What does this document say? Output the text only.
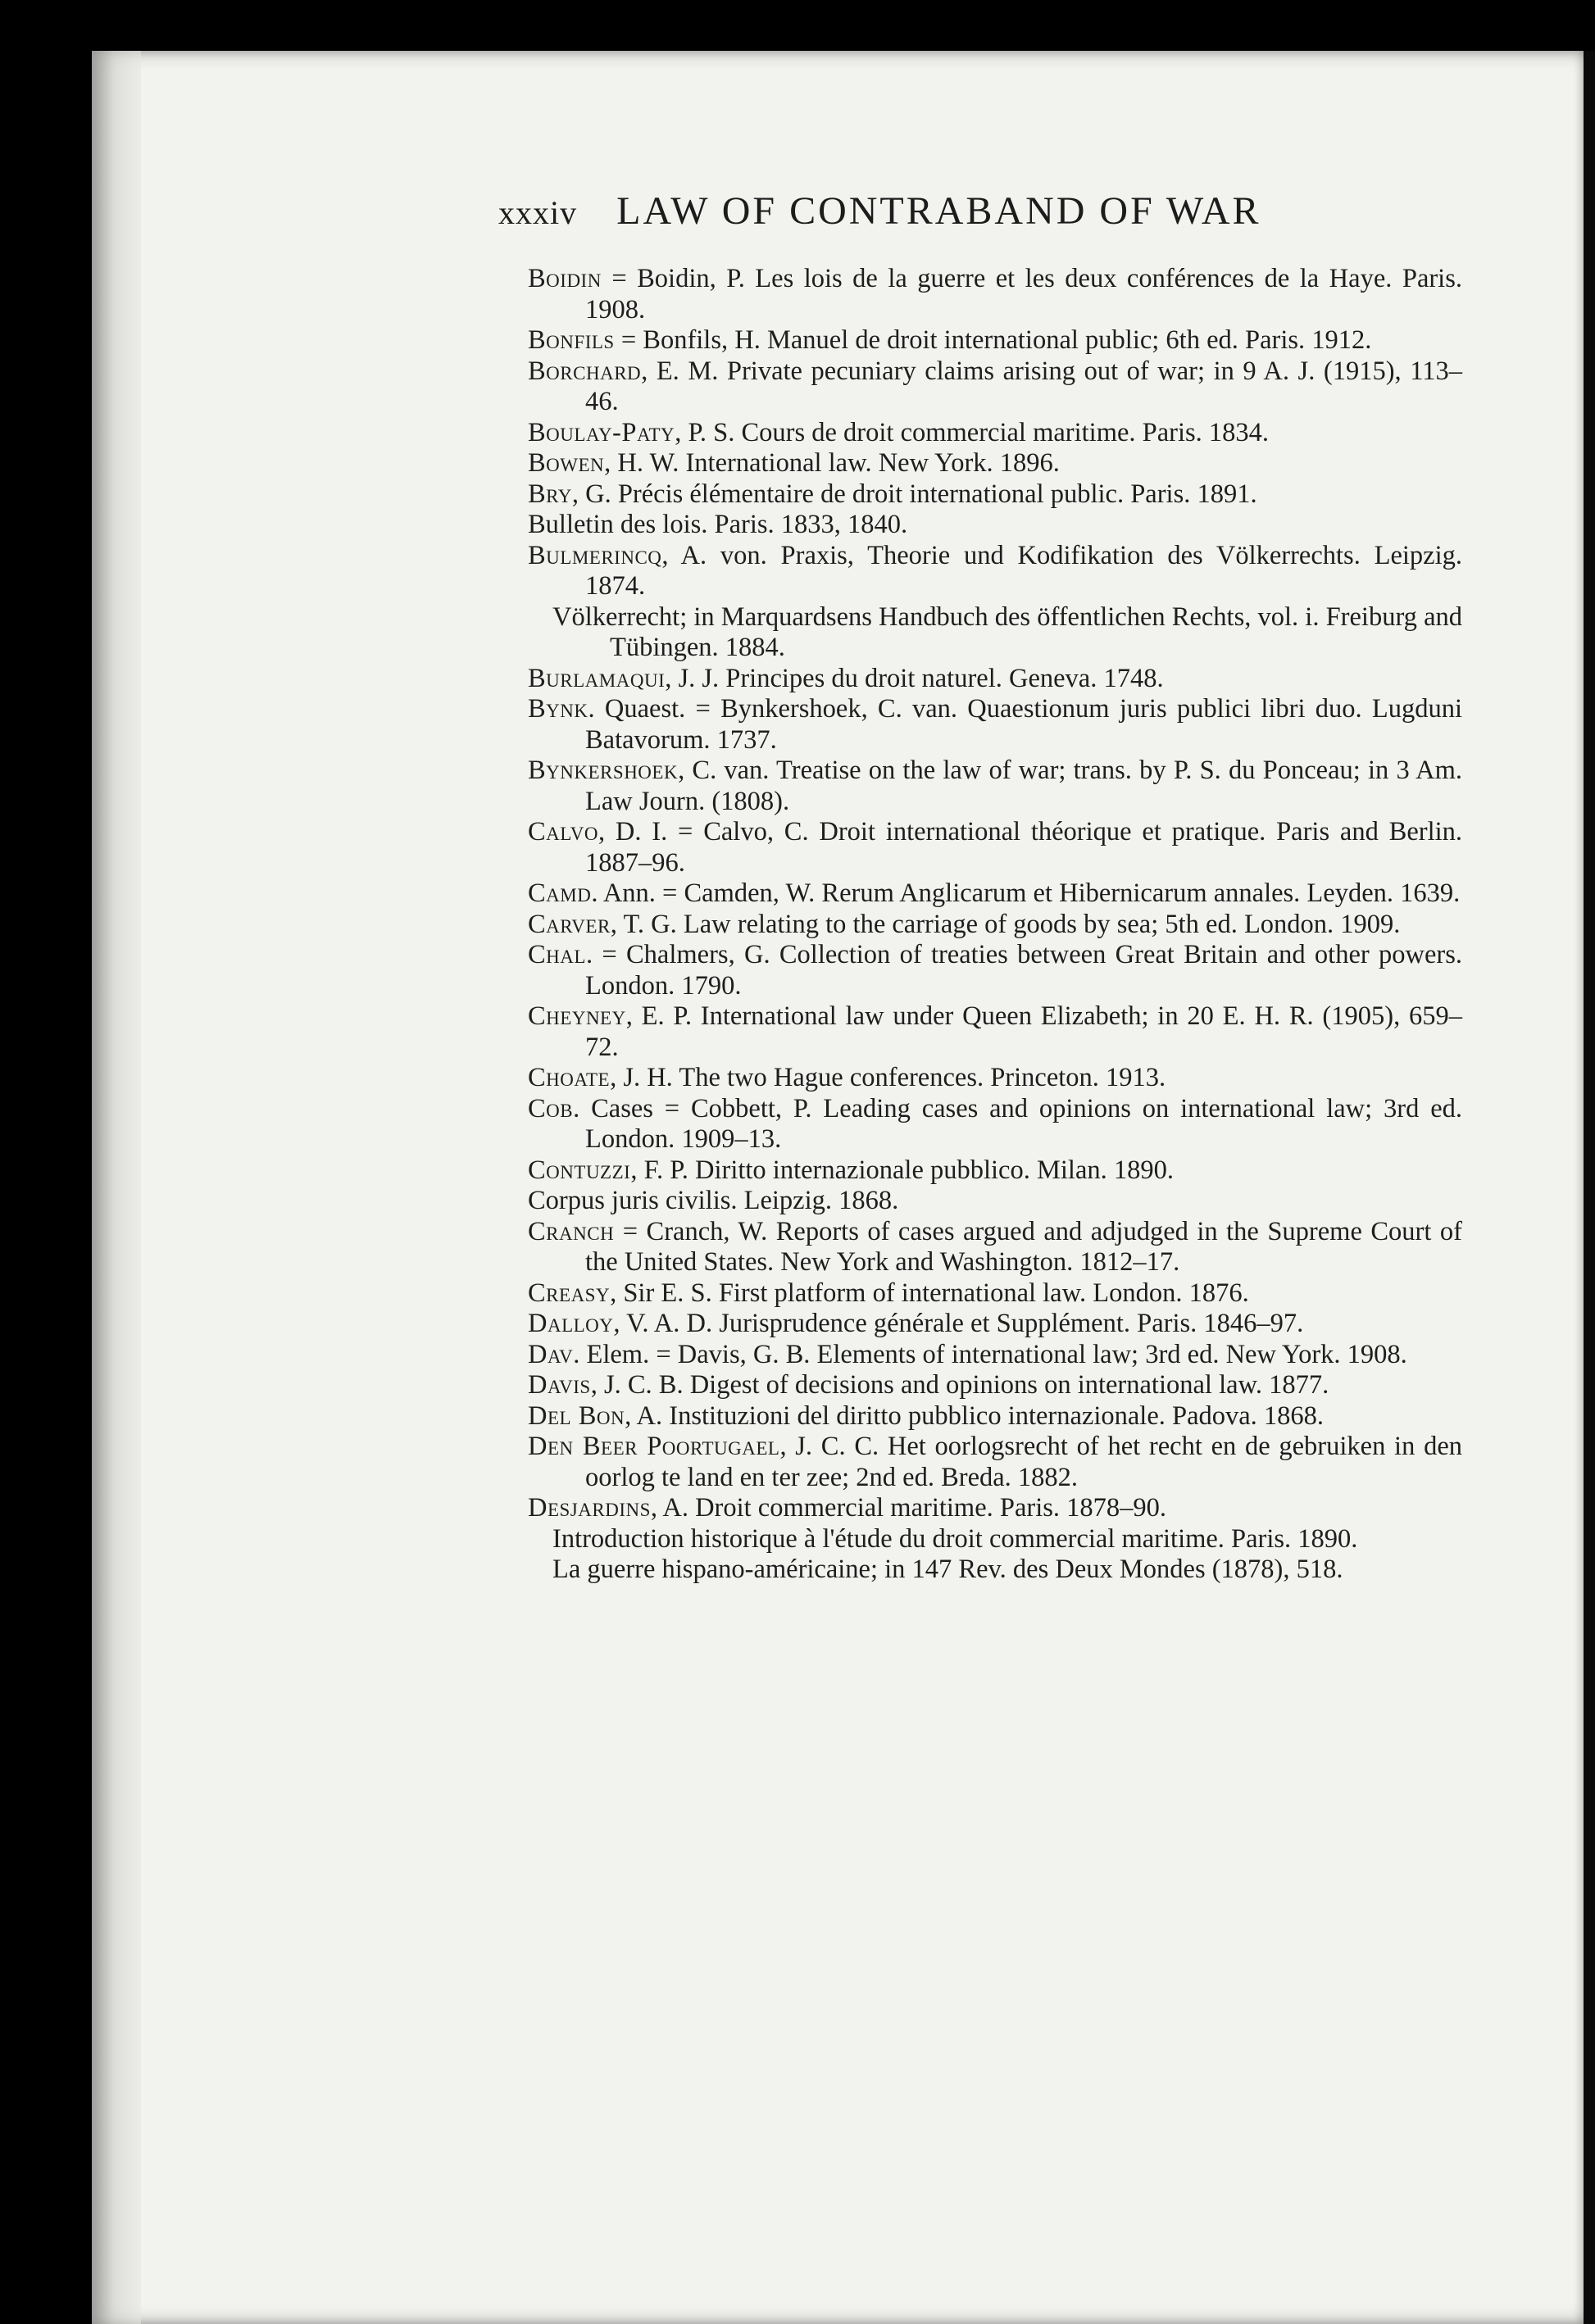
xxxiv LAW OF CONTRABAND OF WAR
Boidin = Boidin, P. Les lois de la guerre et les deux conférences de la Haye. Paris. 1908.
Bonfils = Bonfils, H. Manuel de droit international public; 6th ed. Paris. 1912.
Borchard, E. M. Private pecuniary claims arising out of war; in 9 A. J. (1915), 113–46.
Boulay-Paty, P. S. Cours de droit commercial maritime. Paris. 1834.
Bowen, H. W. International law. New York. 1896.
Bry, G. Précis élémentaire de droit international public. Paris. 1891.
Bulletin des lois. Paris. 1833, 1840.
Bulmerincq, A. von. Praxis, Theorie und Kodifikation des Völkerrechts. Leipzig. 1874.
Völkerrecht; in Marquardsens Handbuch des öffentlichen Rechts, vol. i. Freiburg and Tübingen. 1884.
Burlamaqui, J. J. Principes du droit naturel. Geneva. 1748.
Bynk. Quaest. = Bynkershoek, C. van. Quaestionum juris publici libri duo. Lugduni Batavorum. 1737.
Bynkershoek, C. van. Treatise on the law of war; trans. by P. S. du Ponceau; in 3 Am. Law Journ. (1808).
Calvo, D. I. = Calvo, C. Droit international théorique et pratique. Paris and Berlin. 1887–96.
Camd. Ann. = Camden, W. Rerum Anglicarum et Hibernicarum annales. Leyden. 1639.
Carver, T. G. Law relating to the carriage of goods by sea; 5th ed. London. 1909.
Chal. = Chalmers, G. Collection of treaties between Great Britain and other powers. London. 1790.
Cheyney, E. P. International law under Queen Elizabeth; in 20 E. H. R. (1905), 659–72.
Choate, J. H. The two Hague conferences. Princeton. 1913.
Cob. Cases = Cobbett, P. Leading cases and opinions on international law; 3rd ed. London. 1909–13.
Contuzzi, F. P. Diritto internazionale pubblico. Milan. 1890.
Corpus juris civilis. Leipzig. 1868.
Cranch = Cranch, W. Reports of cases argued and adjudged in the Supreme Court of the United States. New York and Washington. 1812–17.
Creasy, Sir E. S. First platform of international law. London. 1876.
Dalloy, V. A. D. Jurisprudence générale et Supplément. Paris. 1846–97.
Dav. Elem. = Davis, G. B. Elements of international law; 3rd ed. New York. 1908.
Davis, J. C. B. Digest of decisions and opinions on international law. 1877.
Del Bon, A. Instituzioni del diritto pubblico internazionale. Padova. 1868.
Den Beer Poortugael, J. C. C. Het oorlogsrecht of het recht en de gebruiken in den oorlog te land en ter zee; 2nd ed. Breda. 1882.
Desjardins, A. Droit commercial maritime. Paris. 1878–90.
Introduction historique à l'étude du droit commercial maritime. Paris. 1890.
La guerre hispano-américaine; in 147 Rev. des Deux Mondes (1878), 518.
